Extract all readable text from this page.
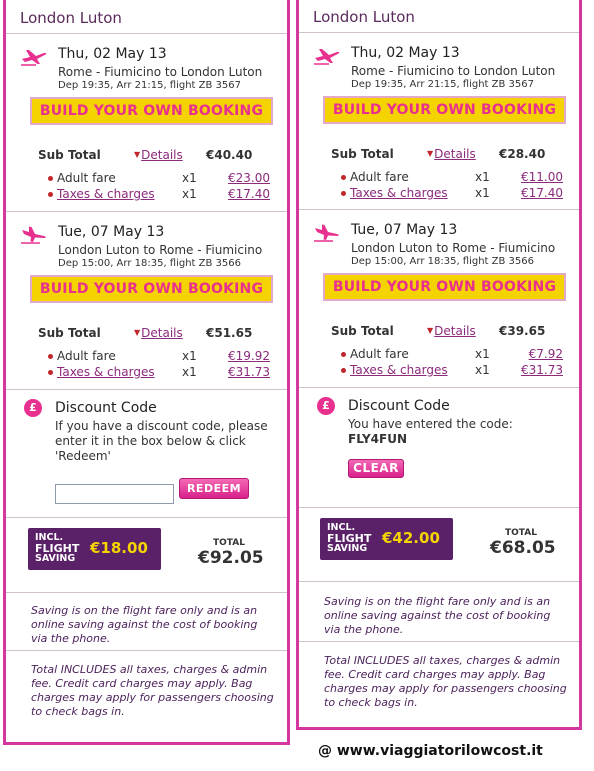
London Luton
Thu, 02 May 13
Rome - Fiumicino to London Luton
Dep 19:35, Arr 21:15, flight ZB 3567
BUILD YOUR OWN BOOKING
Sub Total	▼Details €40.40
Adult fare	x1	€23.00
Taxes & charges x1	€17.40
Tue, 07 May 13
London Luton to Rome - Fiumicino
Dep 15:00, Arr 18:35, flight ZB 3566
BUILD YOUR OWN BOOKING
Sub Total	▼Details €51.65
Adult fare	x1	€19.92
Taxes & charges x1	€31.73
£	Discount Code
If you have a discount code, please enter it in the box below & click 'Redeem'
REDEEM
INCL.
FLIGHT
SAVING
€18.00	TOTAL
€92.05
Saving is on the flight fare only and is an online saving against the cost of booking via the phone.
Total INCLUDES all taxes, charges & admin fee. Credit card charges may apply. Bag charges may apply for passengers choosing to check bags in.
London Luton
Thu, 02 May 13
Rome - Fiumicino to London Luton
Dep 19:35, Arr 21:15, flight ZB 3567
BUILD YOUR OWN BOOKING
Sub Total	▼Details €28.40
Adult fare	x1	€11.00
Taxes & charges x1	€17.40
Tue, 07 May 13
London Luton to Rome - Fiumicino
Dep 15:00, Arr 18:35, flight ZB 3566
BUILD YOUR OWN BOOKING
Sub Total	▼Details €39.65
Adult fare	x1	€7.92
Taxes & charges x1	€31.73
£	Discount Code
You have entered the code:
FLY4FUN
CLEAR
INCL.
FLIGHT
SAVING
€42.00	TOTAL
€68.05
Saving is on the flight fare only and is an online saving against the cost of booking via the phone.
Total INCLUDES all taxes, charges & admin fee. Credit card charges may apply. Bag charges may apply for passengers choosing to check bags in.
@ www.viaggiatorilowcost.it
